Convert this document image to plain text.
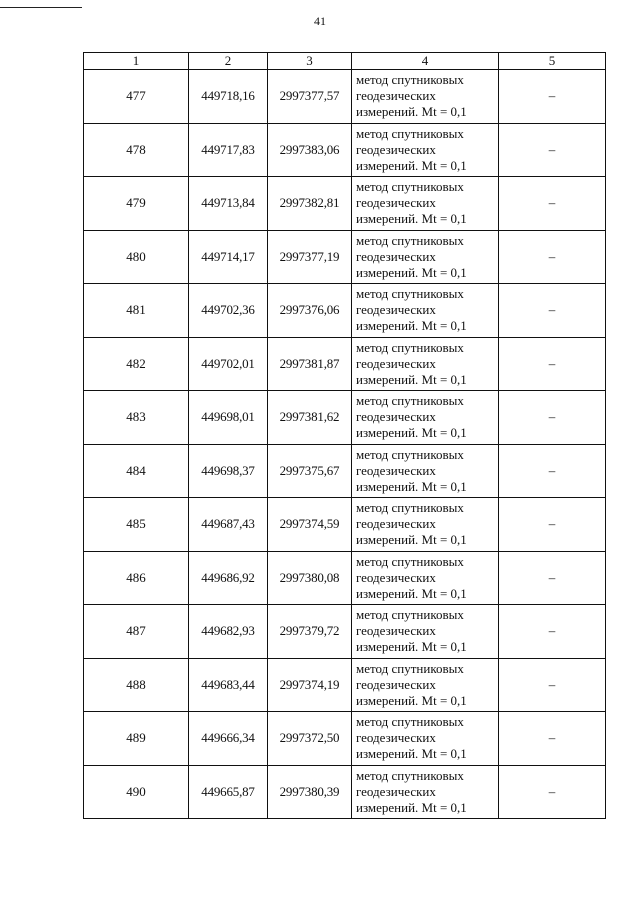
41
1	2	3	4	5
477	449718,16	2997377,57	метод спутниковых
геодезических
измерений. Mt = 0,1	–
478	449717,83	2997383,06	метод спутниковых
геодезических
измерений. Mt = 0,1	–
479	449713,84	2997382,81	метод спутниковых
геодезических
измерений. Mt = 0,1	–
480	449714,17	2997377,19	метод спутниковых
геодезических
измерений. Mt = 0,1	–
481	449702,36	2997376,06	метод спутниковых
геодезических
измерений. Mt = 0,1	–
482	449702,01	2997381,87	метод спутниковых
геодезических
измерений. Mt = 0,1	–
483	449698,01	2997381,62	метод спутниковых
геодезических
измерений. Mt = 0,1	–
484	449698,37	2997375,67	метод спутниковых
геодезических
измерений. Mt = 0,1	–
485	449687,43	2997374,59	метод спутниковых
геодезических
измерений. Mt = 0,1	–
486	449686,92	2997380,08	метод спутниковых
геодезических
измерений. Mt = 0,1	–
487	449682,93	2997379,72	метод спутниковых
геодезических
измерений. Mt = 0,1	–
488	449683,44	2997374,19	метод спутниковых
геодезических
измерений. Mt = 0,1	–
489	449666,34	2997372,50	метод спутниковых
геодезических
измерений. Mt = 0,1	–
490	449665,87	2997380,39	метод спутниковых
геодезических
измерений. Mt = 0,1	–
